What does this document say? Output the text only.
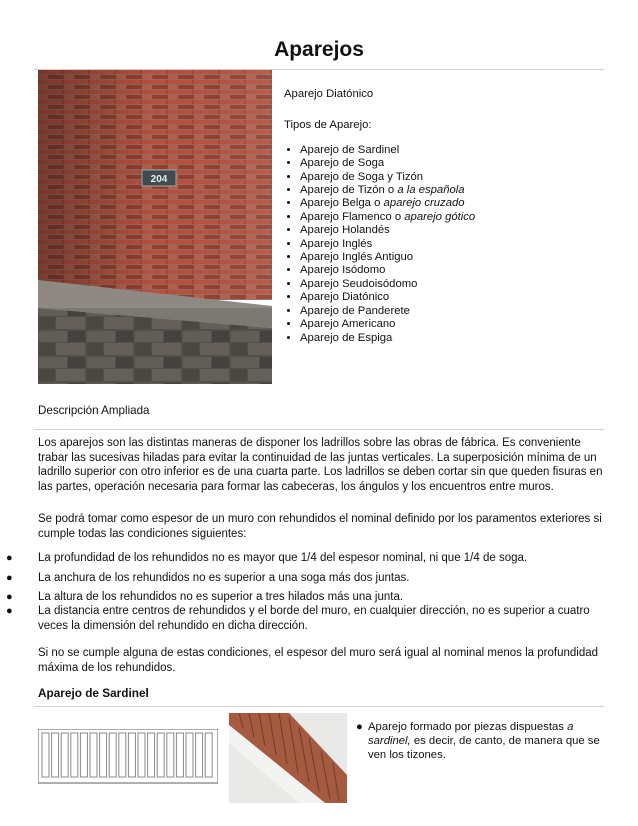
Aparejos
204

Aparejo Diatónico

Tipos de Aparejo:

• Aparejo de Sardinel
• Aparejo de Soga
• Aparejo de Soga y Tizón
• Aparejo de Tizón o a la española
• Aparejo Belga o aparejo cruzado
• Aparejo Flamenco o aparejo gótico
• Aparejo Holandés
• Aparejo Inglés
• Aparejo Inglés Antiguo
• Aparejo Isódomo
• Aparejo Seudoisódomo
• Aparejo Diatónico
• Aparejo de Panderete
• Aparejo Americano
• Aparejo de Espiga

Descripción Ampliada

Los aparejos son las distintas maneras de disponer los ladrillos sobre las obras de fábrica. Es conveniente
trabar las sucesivas hiladas para evitar la continuidad de las juntas verticales. La superposición mínima de un
ladrillo superior con otro inferior es de una cuarta parte. Los ladrillos se deben cortar sin que queden fisuras en
las partes, operación necesaria para formar las cabeceras, los ángulos y los encuentros entre muros.

Se podrá tomar como espesor de un muro con rehundidos el nominal definido por los paramentos exteriores si
cumple todas las condiciones siguientes:

● La profundidad de los rehundidos no es mayor que 1/4 del espesor nominal, ni que 1/4 de soga.
● La anchura de los rehundidos no es superior a una soga más dos juntas.
● La altura de los rehundidos no es superior a tres hilados más una junta.
● La distancia entre centros de rehundidos y el borde del muro, en cualquier dirección, no es superior a cuatro
veces la dimensión del rehundido en dicha dirección.

Si no se cumple alguna de estas condiciones, el espesor del muro será igual al nominal menos la profundidad
máxima de los rehundidos.

Aparejo de Sardinel

● Aparejo formado por piezas dispuestas a
sardinel, es decir, de canto, de manera que se
ven los tizones.
